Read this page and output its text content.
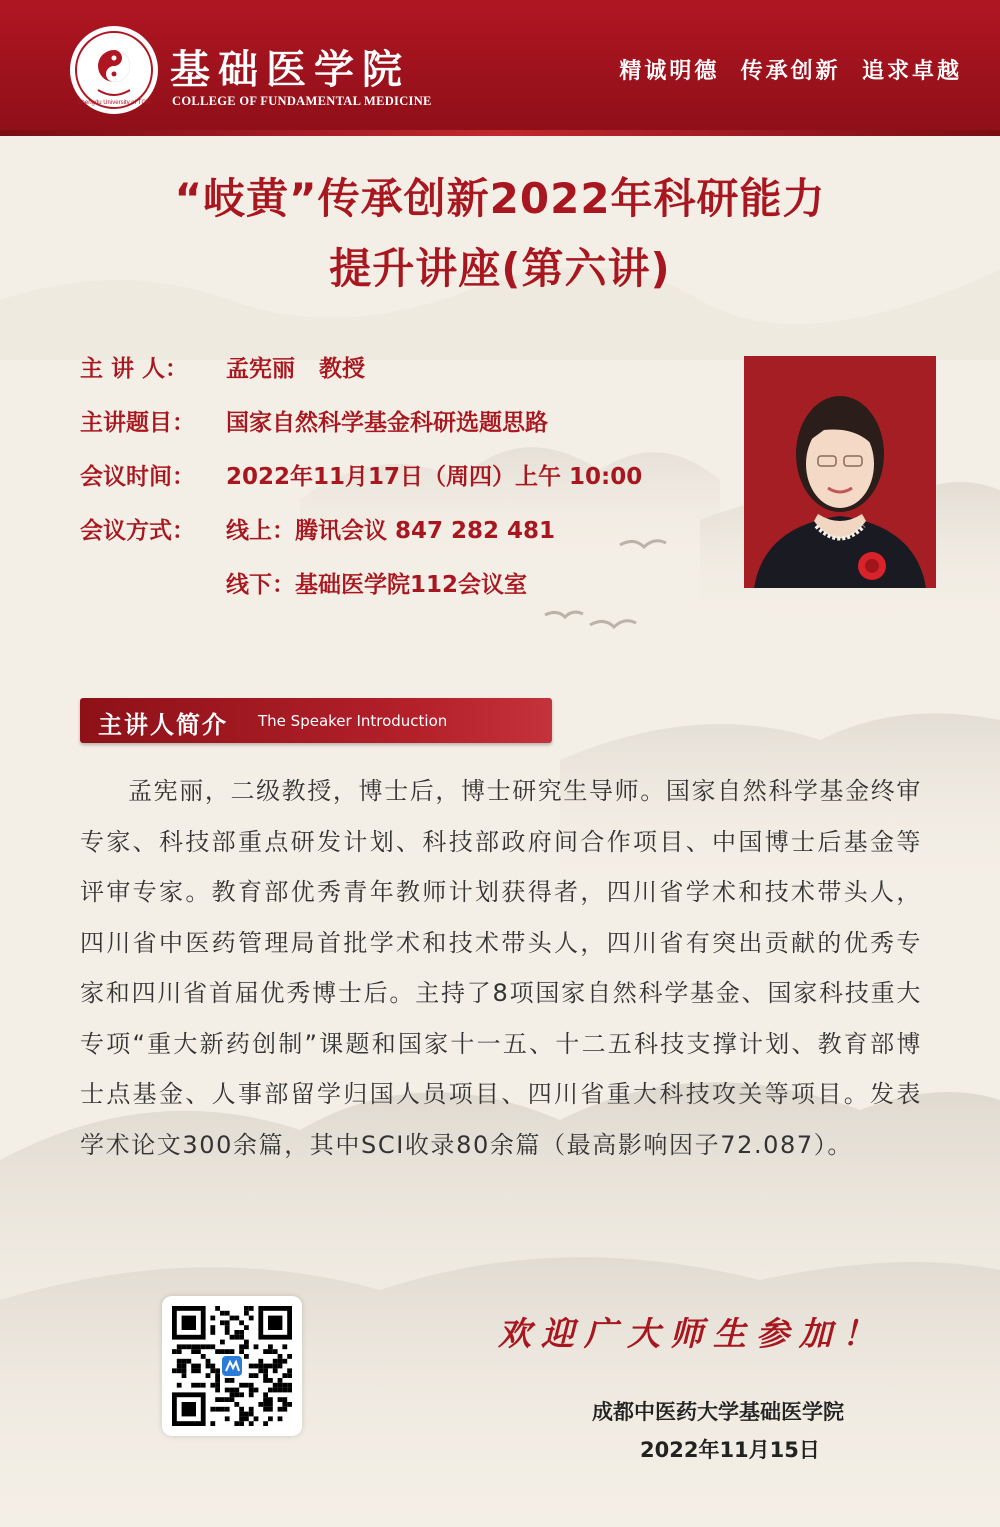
Chengdu University of TCM
基础医学院
COLLEGE OF FUNDAMENTAL MEDICINE
精诚明德  传承创新  追求卓越
“岐黄”传承创新2022年科研能力
提升讲座(第六讲)
主 讲 人： 孟宪丽   教授
主讲题目： 国家自然科学基金科研选题思路
会议时间： 2022年11月17日（周四）上午 10:00
会议方式： 线上：腾讯会议 847 282 481
线下：基础医学院112会议室
主讲人简介 The Speaker Introduction
孟宪丽，二级教授，博士后，博士研究生导师。国家自然科学基金终审专家、科技部重点研发计划、科技部政府间合作项目、中国博士后基金等评审专家。教育部优秀青年教师计划获得者，四川省学术和技术带头人，四川省中医药管理局首批学术和技术带头人，四川省有突出贡献的优秀专家和四川省首届优秀博士后。主持了8项国家自然科学基金、国家科技重大专项“重大新药创制”课题和国家十一五、十二五科技支撑计划、教育部博士点基金、人事部留学归国人员项目、四川省重大科技攻关等项目。发表学术论文300余篇，其中SCI收录80余篇（最高影响因子72.087）。
欢迎广大师生参加！
成都中医药大学基础医学院
2022年11月15日
